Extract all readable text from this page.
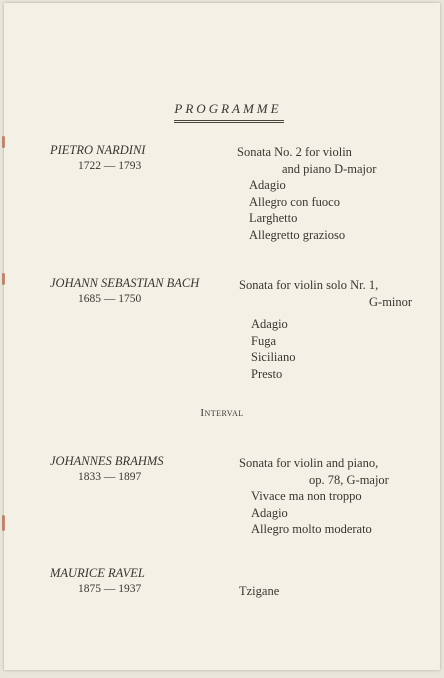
PROGRAMME
PIETRO NARDINI
1722 — 1793
Sonata No. 2 for violin
and piano D-major
Adagio
Allegro con fuoco
Larghetto
Allegretto grazioso
JOHANN SEBASTIAN BACH
1685 — 1750
Sonata for violin solo Nr. 1,
G-minor
Adagio
Fuga
Siciliano
Presto
Interval
JOHANNES BRAHMS
1833 — 1897
Sonata for violin and piano,
op. 78, G-major
Vivace ma non troppo
Adagio
Allegro molto moderato
MAURICE RAVEL
1875 — 1937	Tzigane
